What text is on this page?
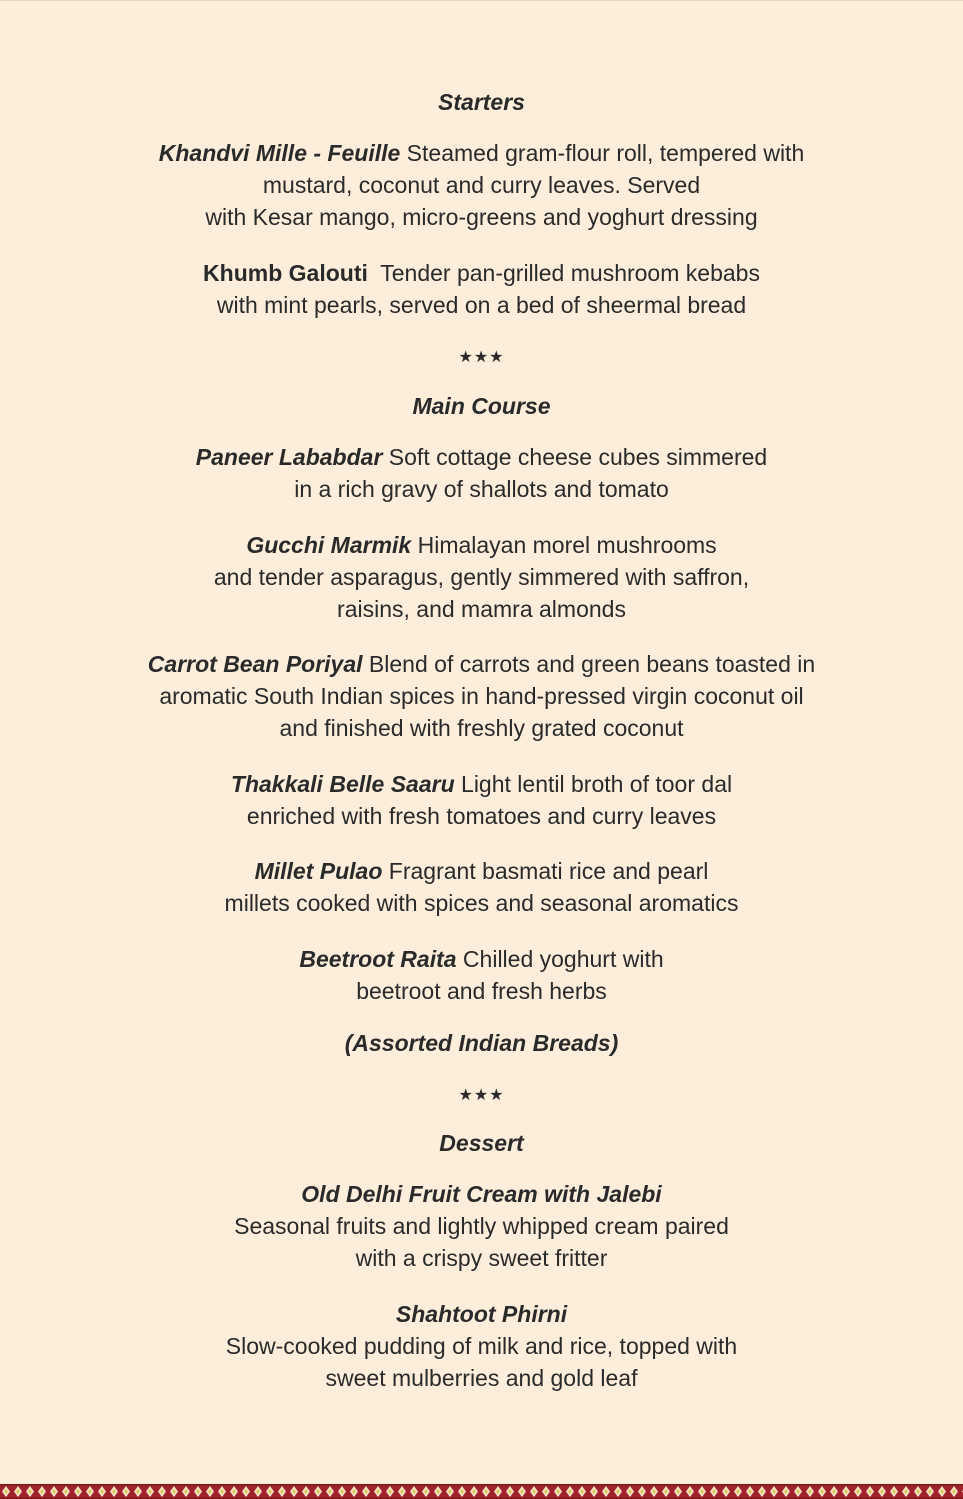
Starters
Khandvi Mille - Feuille Steamed gram-flour roll, tempered with
mustard, coconut and curry leaves. Served
with Kesar mango, micro-greens and yoghurt dressing
Khumb Galouti  Tender pan-grilled mushroom kebabs
with mint pearls, served on a bed of sheermal bread
★★★
Main Course
Paneer Lababdar Soft cottage cheese cubes simmered
in a rich gravy of shallots and tomato
Gucchi Marmik Himalayan morel mushrooms
and tender asparagus, gently simmered with saffron,
raisins, and mamra almonds
Carrot Bean Poriyal Blend of carrots and green beans toasted in
aromatic South Indian spices in hand-pressed virgin coconut oil
and finished with freshly grated coconut
Thakkali Belle Saaru Light lentil broth of toor dal
enriched with fresh tomatoes and curry leaves
Millet Pulao Fragrant basmati rice and pearl
millets cooked with spices and seasonal aromatics
Beetroot Raita Chilled yoghurt with
beetroot and fresh herbs
(Assorted Indian Breads)
★★★
Dessert
Old Delhi Fruit Cream with Jalebi
Seasonal fruits and lightly whipped cream paired
with a crispy sweet fritter
Shahtoot Phirni
Slow-cooked pudding of milk and rice, topped with
sweet mulberries and gold leaf
